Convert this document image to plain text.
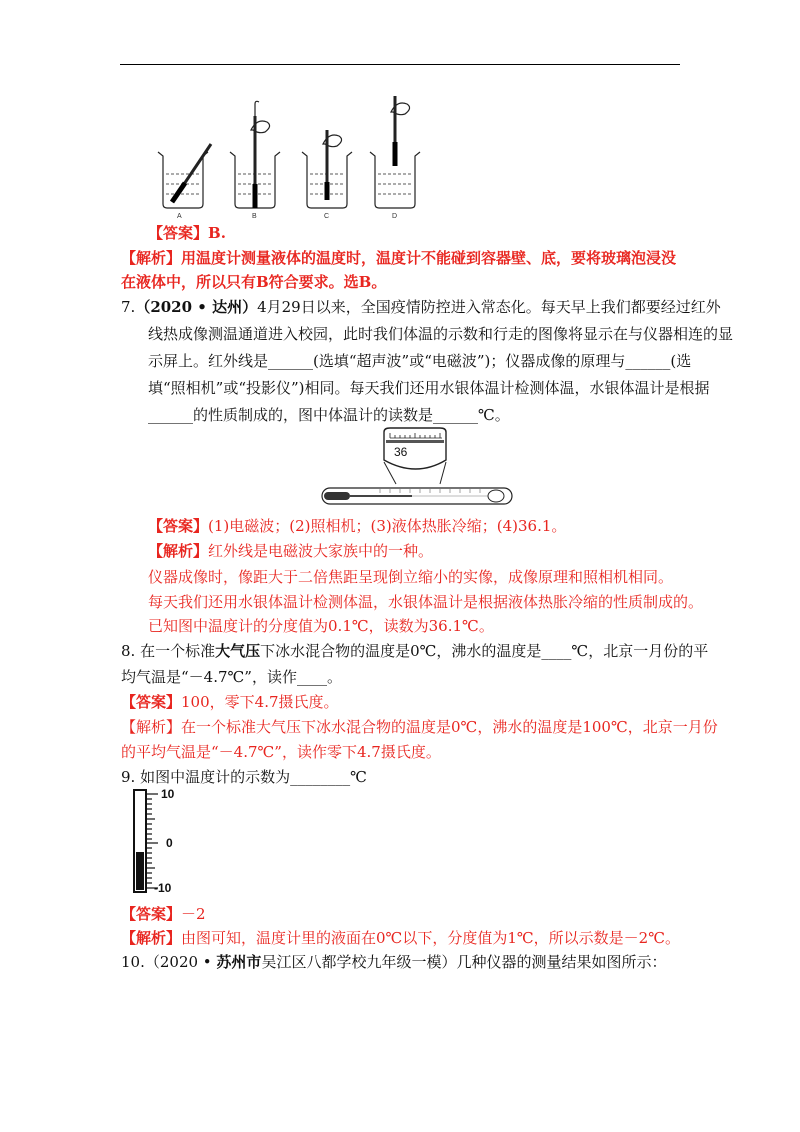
A	B	C	D
【答案】B.
【解析】用温度计测量液体的温度时，温度计不能碰到容器壁、底，要将玻璃泡浸没
在液体中，所以只有B符合要求。选B。
7.（2020 • 达州）4月29日以来，全国疫情防控进入常态化。每天早上我们都要经过红外
线热成像测温通道进入校园，此时我们体温的示数和行走的图像将显示在与仪器相连的显
示屏上。红外线是______(选填“超声波”或“电磁波”)；仪器成像的原理与______(选
填“照相机”或“投影仪”)相同。每天我们还用水银体温计检测体温，水银体温计是根据
______的性质制成的，图中体温计的读数是______℃。
36
【答案】(1)电磁波；(2)照相机；(3)液体热胀冷缩；(4)36.1。
【解析】红外线是电磁波大家族中的一种。
仪器成像时，像距大于二倍焦距呈现倒立缩小的实像，成像原理和照相机相同。
每天我们还用水银体温计检测体温，水银体温计是根据液体热胀冷缩的性质制成的。
已知图中温度计的分度值为0.1℃，读数为36.1℃。
8. 在一个标准大气压下冰水混合物的温度是0℃，沸水的温度是____℃，北京一月份的平
均气温是“－4.7℃”，读作____。
【答案】100，零下4.7摄氏度。
【解析】在一个标准大气压下冰水混合物的温度是0℃，沸水的温度是100℃，北京一月份
的平均气温是“－4.7℃”，读作零下4.7摄氏度。
9. 如图中温度计的示数为________℃
10
0
-10
【答案】－2
【解析】由图可知，温度计里的液面在0℃以下，分度值为1℃，所以示数是－2℃。
10.（2020 • 苏州市吴江区八都学校九年级一模）几种仪器的测量结果如图所示：
